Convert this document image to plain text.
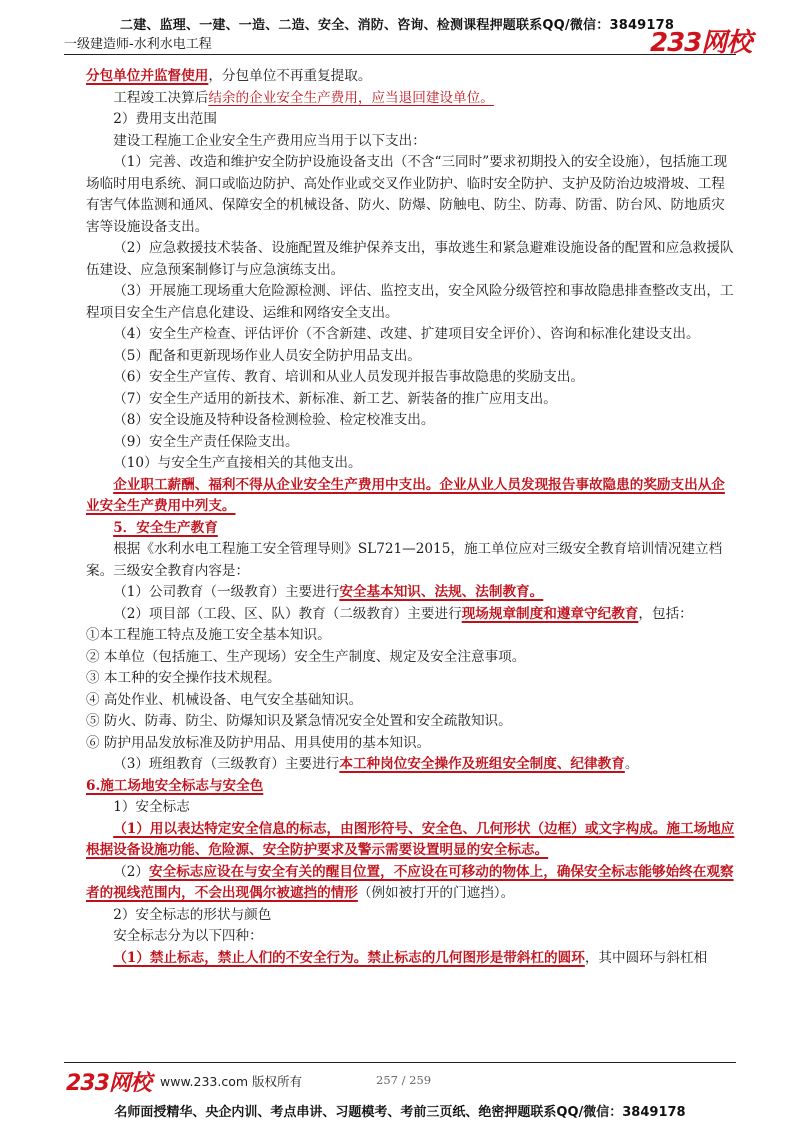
二建、监理、一建、一造、二造、安全、消防、咨询、检测课程押题联系QQ/微信：3849178
一级建造师-水利水电工程	233网校

分包单位并监督使用，分包单位不再重复提取。

工程竣工决算后结余的企业安全生产费用，应当退回建设单位。

2）费用支出范围

建设工程施工企业安全生产费用应当用于以下支出：

（1）完善、改造和维护安全防护设施设备支出（不含“三同时”要求初期投入的安全设施），包括施工现场临时用电系统、洞口或临边防护、高处作业或交叉作业防护、临时安全防护、支护及防治边坡滑坡、工程有害气体监测和通风、保障安全的机械设备、防火、防爆、防触电、防尘、防毒、防雷、防台风、防地质灾害等设施设备支出。

（2）应急救援技术装备、设施配置及维护保养支出，事故逃生和紧急避难设施设备的配置和应急救援队伍建设、应急预案制修订与应急演练支出。

（3）开展施工现场重大危险源检测、评估、监控支出，安全风险分级管控和事故隐患排查整改支出，工程项目安全生产信息化建设、运维和网络安全支出。

（4）安全生产检查、评估评价（不含新建、改建、扩建项目安全评价）、咨询和标准化建设支出。

（5）配备和更新现场作业人员安全防护用品支出。

（6）安全生产宣传、教育、培训和从业人员发现并报告事故隐患的奖励支出。

（7）安全生产适用的新技术、新标准、新工艺、新装备的推广应用支出。

（8）安全设施及特种设备检测检验、检定校准支出。

（9）安全生产责任保险支出。

（10）与安全生产直接相关的其他支出。

企业职工薪酬、福利不得从企业安全生产费用中支出。企业从业人员发现报告事故隐患的奖励支出从企业安全生产费用中列支。

5．安全生产教育

根据《水利水电工程施工安全管理导则》SL721—2015，施工单位应对三级安全教育培训情况建立档案。三级安全教育内容是：

（1）公司教育（一级教育）主要进行安全基本知识、法规、法制教育。

（2）项目部（工段、区、队）教育（二级教育）主要进行现场规章制度和遵章守纪教育，包括：

①本工程施工特点及施工安全基本知识。

② 本单位（包括施工、生产现场）安全生产制度、规定及安全注意事项。

③ 本工种的安全操作技术规程。

④ 高处作业、机械设备、电气安全基础知识。

⑤ 防火、防毒、防尘、防爆知识及紧急情况安全处置和安全疏散知识。

⑥ 防护用品发放标准及防护用品、用具使用的基本知识。

（3）班组教育（三级教育）主要进行本工种岗位安全操作及班组安全制度、纪律教育。

6.施工场地安全标志与安全色

1）安全标志

（1）用以表达特定安全信息的标志，由图形符号、安全色、几何形状（边框）或文字构成。施工场地应根据设备设施功能、危险源、安全防护要求及警示需要设置明显的安全标志。

（2）安全标志应设在与安全有关的醒目位置，不应设在可移动的物体上，确保安全标志能够始终在观察者的视线范围内，不会出现偶尔被遮挡的情形（例如被打开的门遮挡）。

2）安全标志的形状与颜色

安全标志分为以下四种：

（1）禁止标志，禁止人们的不安全行为。禁止标志的几何图形是带斜杠的圆环，其中圆环与斜杠相

233网校 www.233.com 版权所有	257 / 259
名师面授精华、央企内训、考点串讲、习题模考、考前三页纸、绝密押题联系QQ/微信：3849178
